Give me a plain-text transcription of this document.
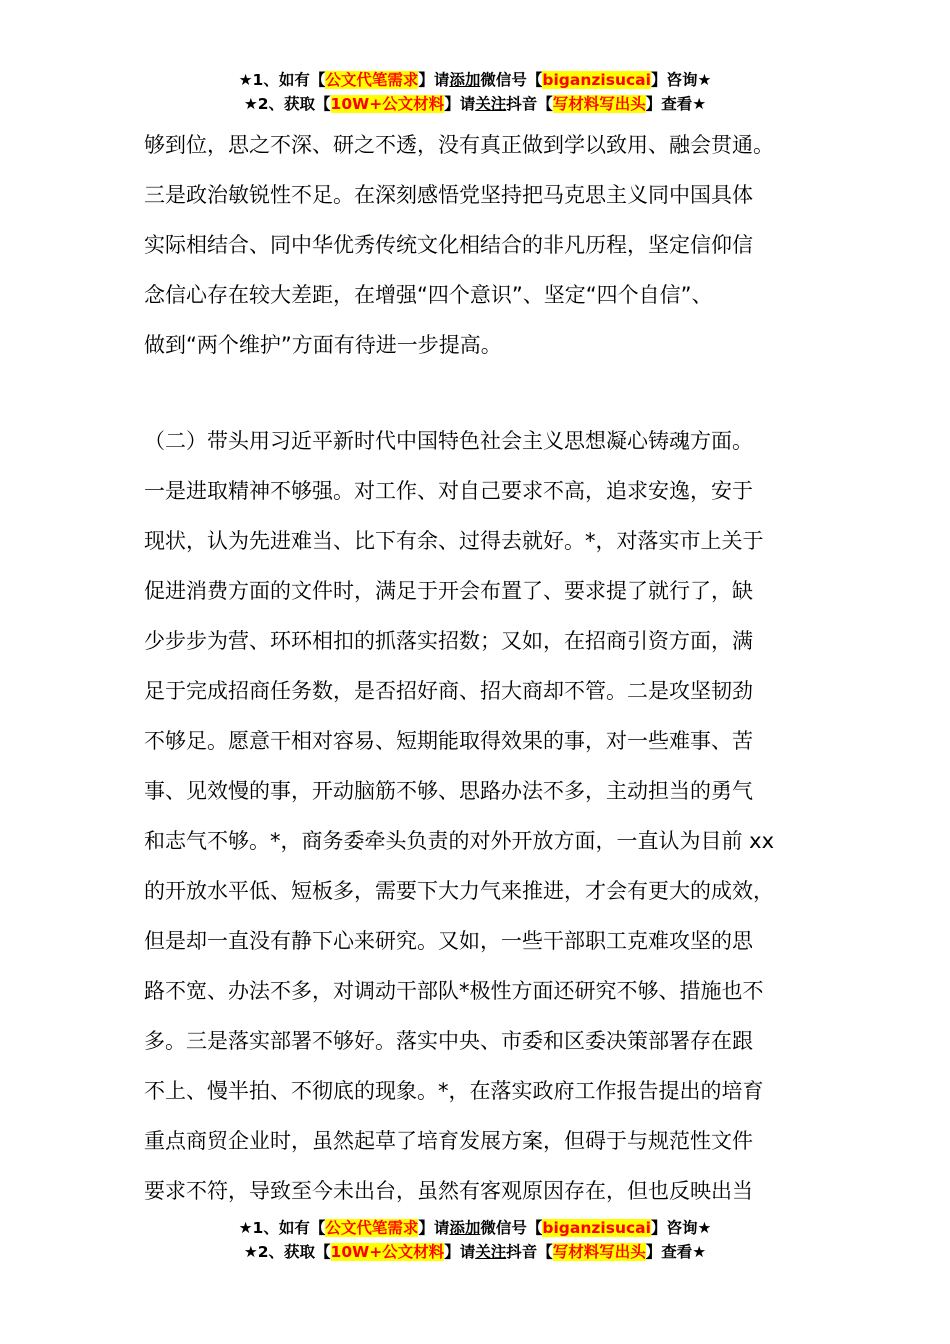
★1、如有【公文代笔需求】请添加微信号【biganzisucai】咨询★
★2、获取【10W+公文材料】请关注抖音【写材料写出头】查看★
够到位，思之不深、研之不透，没有真正做到学以致用、融会贯通。
三是政治敏锐性不足。在深刻感悟党坚持把马克思主义同中国具体
实际相结合、同中华优秀传统文化相结合的非凡历程，坚定信仰信
念信心存在较大差距，在增强“四个意识”、坚定“四个自信”、
做到“两个维护”方面有待进一步提高。
（二）带头用习近平新时代中国特色社会主义思想凝心铸魂方面。
一是进取精神不够强。对工作、对自己要求不高，追求安逸，安于
现状，认为先进难当、比下有余、过得去就好。*，对落实市上关于
促进消费方面的文件时，满足于开会布置了、要求提了就行了，缺
少步步为营、环环相扣的抓落实招数；又如，在招商引资方面，满
足于完成招商任务数，是否招好商、招大商却不管。二是攻坚韧劲
不够足。愿意干相对容易、短期能取得效果的事，对一些难事、苦
事、见效慢的事，开动脑筋不够、思路办法不多，主动担当的勇气
和志气不够。*，商务委牵头负责的对外开放方面，一直认为目前 xx
的开放水平低、短板多，需要下大力气来推进，才会有更大的成效，
但是却一直没有静下心来研究。又如，一些干部职工克难攻坚的思
路不宽、办法不多，对调动干部队*极性方面还研究不够、措施也不
多。三是落实部署不够好。落实中央、市委和区委决策部署存在跟
不上、慢半拍、不彻底的现象。*，在落实政府工作报告提出的培育
重点商贸企业时，虽然起草了培育发展方案，但碍于与规范性文件
要求不符，导致至今未出台，虽然有客观原因存在，但也反映出当
★1、如有【公文代笔需求】请添加微信号【biganzisucai】咨询★
★2、获取【10W+公文材料】请关注抖音【写材料写出头】查看★
